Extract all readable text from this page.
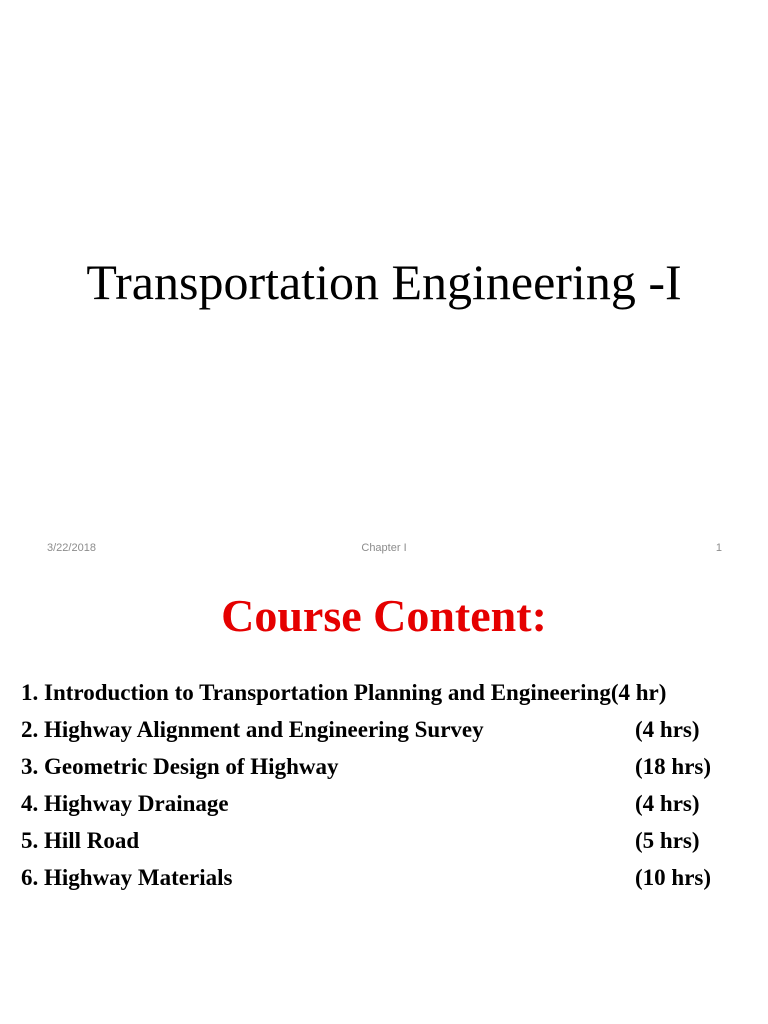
Transportation Engineering -I
3/22/2018	Chapter I	1
Course Content:
1. Introduction to Transportation Planning and Engineering(4 hr)
2. Highway Alignment and Engineering Survey	(4 hrs)
3. Geometric Design of Highway	(18 hrs)
4. Highway Drainage	(4 hrs)
5. Hill Road	(5 hrs)
6. Highway Materials	(10 hrs)
